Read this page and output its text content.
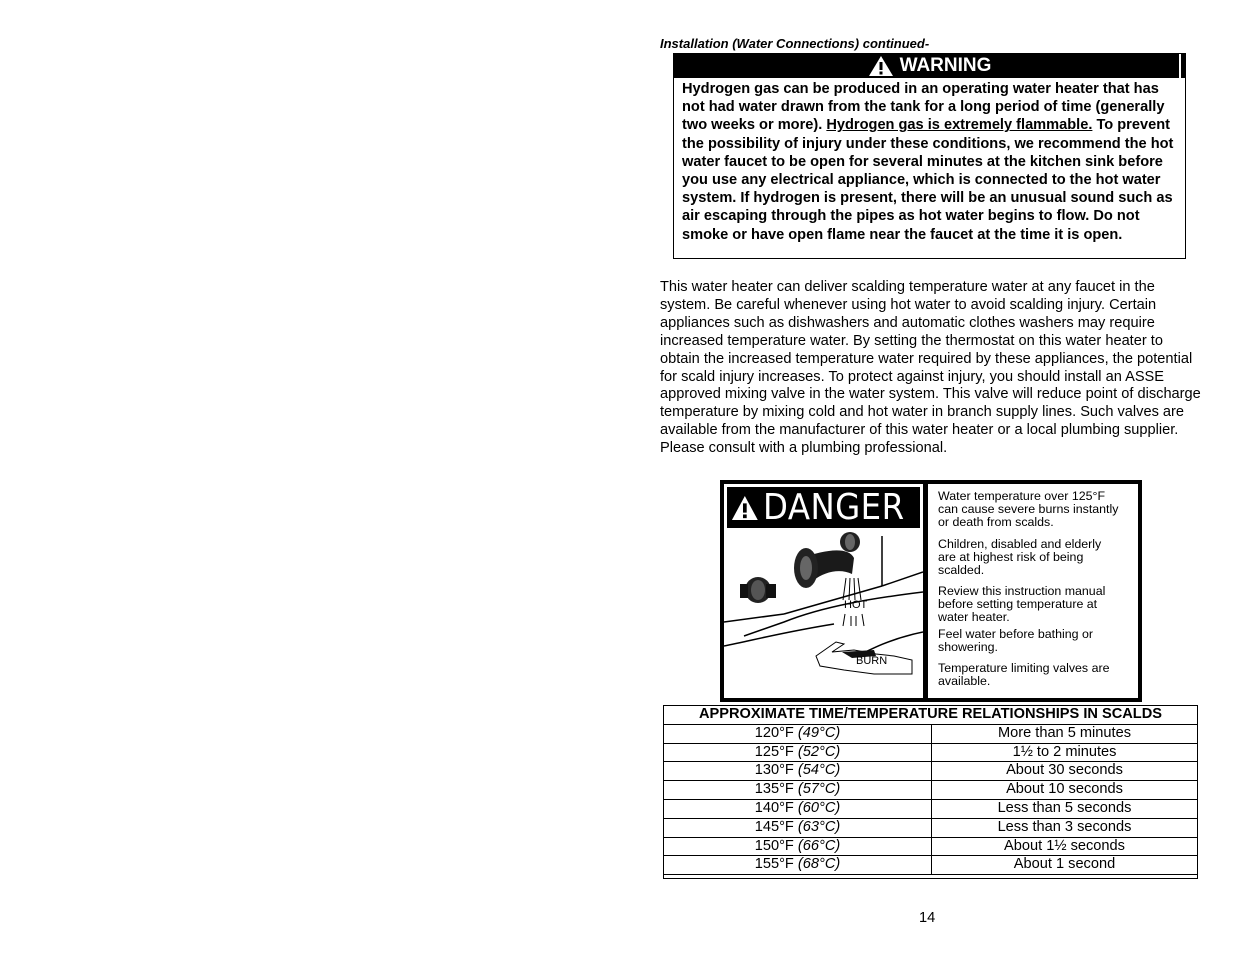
Installation (Water Connections) continued-
WARNING
Hydrogen gas can be produced in an operating water heater that has not had water drawn from the tank for a long period of time (generally two weeks or more). Hydrogen gas is extremely flammable. To prevent the possibility of injury under these conditions, we recommend the hot water faucet to be open for several minutes at the kitchen sink before you use any electrical appliance, which is connected to the hot water system. If hydrogen is present, there will be an unusual sound such as air escaping through the pipes as hot water begins to flow. Do not smoke or have open flame near the faucet at the time it is open.

This water heater can deliver scalding temperature water at any faucet in the system. Be careful whenever using hot water to avoid scalding injury. Certain appliances such as dishwashers and automatic clothes washers may require increased temperature water. By setting the thermostat on this water heater to obtain the increased temperature water required by these appliances, the potential for scald injury increases. To protect against injury, you should install an ASSE approved mixing valve in the water system. This valve will reduce point of discharge temperature by mixing cold and hot water in branch supply lines. Such valves are available from the manufacturer of this water heater or a local plumbing supplier. Please consult with a plumbing professional.

DANGER
HOT
BURN

Water temperature over 125°F can cause severe burns instantly or death from scalds.

Children, disabled and elderly are at highest risk of being scalded.

Review this instruction manual before setting temperature at water heater.

Feel water before bathing or showering.

Temperature limiting valves are available.

APPROXIMATE TIME/TEMPERATURE RELATIONSHIPS IN SCALDS	
120°F (49°C)	More than 5 minutes
125°F (52°C)	1½ to 2 minutes
130°F (54°C)	About 30 seconds
135°F (57°C)	About 10 seconds
140°F (60°C)	Less than 5 seconds
145°F (63°C)	Less than 3 seconds
150°F (66°C)	About 1½ seconds
155°F (68°C)	About 1 second
14
